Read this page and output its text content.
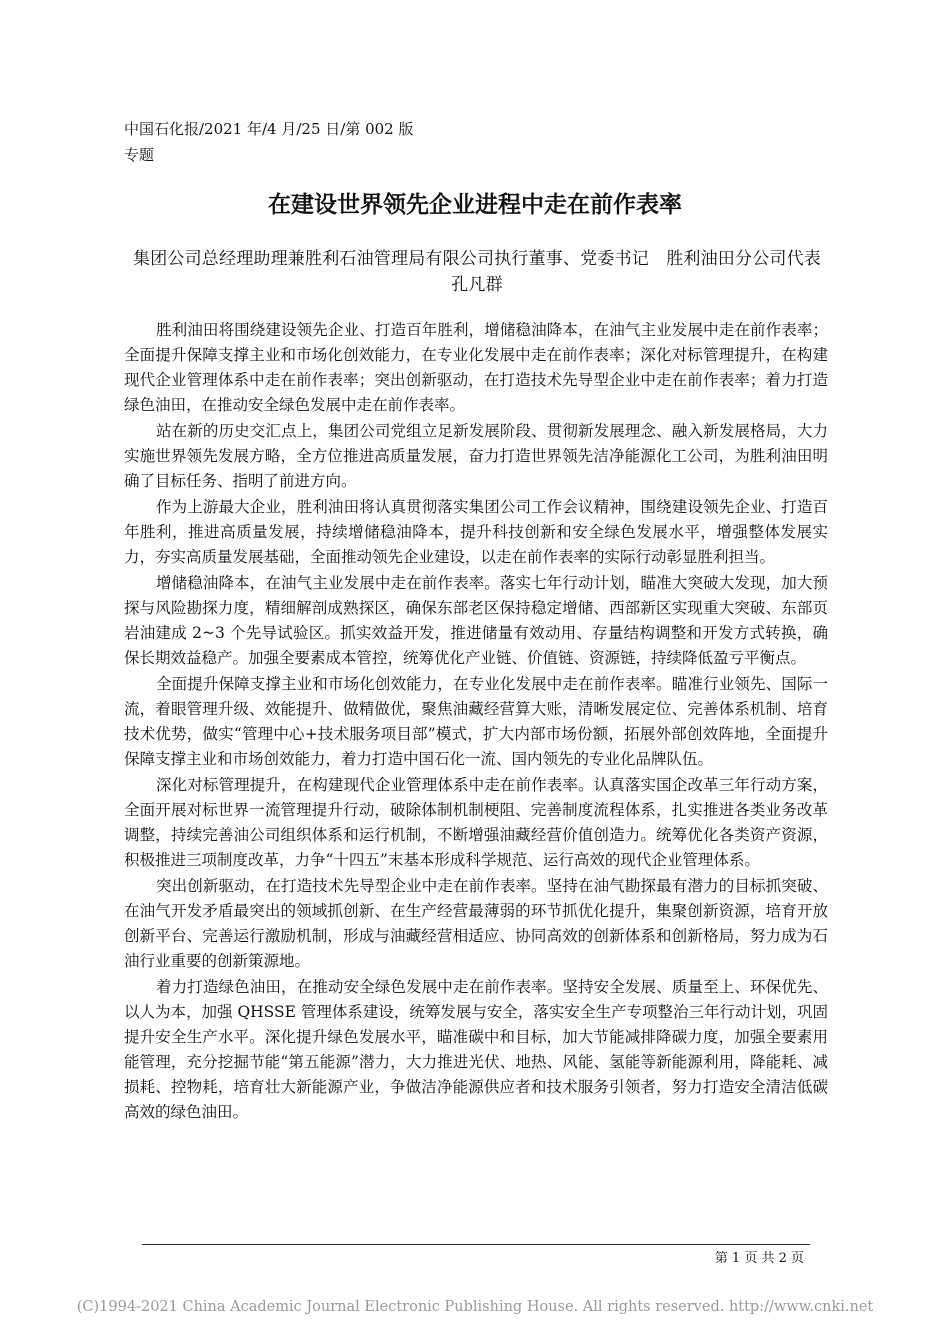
中国石化报/2021 年/4 月/25 日/第 002 版
专题
在建设世界领先企业进程中走在前作表率
集团公司总经理助理兼胜利石油管理局有限公司执行董事、党委书记　胜利油田分公司代表　孔凡群

胜利油田将围绕建设领先企业、打造百年胜利，增储稳油降本，在油气主业发展中走在前作表率；全面提升保障支撑主业和市场化创效能力，在专业化发展中走在前作表率；深化对标管理提升，在构建现代企业管理体系中走在前作表率；突出创新驱动，在打造技术先导型企业中走在前作表率；着力打造绿色油田，在推动安全绿色发展中走在前作表率。

站在新的历史交汇点上，集团公司党组立足新发展阶段、贯彻新发展理念、融入新发展格局，大力实施世界领先发展方略，全方位推进高质量发展，奋力打造世界领先洁净能源化工公司，为胜利油田明确了目标任务、指明了前进方向。

作为上游最大企业，胜利油田将认真贯彻落实集团公司工作会议精神，围绕建设领先企业、打造百年胜利，推进高质量发展，持续增储稳油降本，提升科技创新和安全绿色发展水平，增强整体发展实力，夯实高质量发展基础，全面推动领先企业建设，以走在前作表率的实际行动彰显胜利担当。

增储稳油降本，在油气主业发展中走在前作表率。落实七年行动计划，瞄准大突破大发现，加大预探与风险勘探力度，精细解剖成熟探区，确保东部老区保持稳定增储、西部新区实现重大突破、东部页岩油建成 2~3 个先导试验区。抓实效益开发，推进储量有效动用、存量结构调整和开发方式转换，确保长期效益稳产。加强全要素成本管控，统筹优化产业链、价值链、资源链，持续降低盈亏平衡点。

全面提升保障支撑主业和市场化创效能力，在专业化发展中走在前作表率。瞄准行业领先、国际一流，着眼管理升级、效能提升、做精做优，聚焦油藏经营算大账，清晰发展定位、完善体系机制、培育技术优势，做实“管理中心+技术服务项目部”模式，扩大内部市场份额，拓展外部创效阵地，全面提升保障支撑主业和市场创效能力，着力打造中国石化一流、国内领先的专业化品牌队伍。

深化对标管理提升，在构建现代企业管理体系中走在前作表率。认真落实国企改革三年行动方案，全面开展对标世界一流管理提升行动，破除体制机制梗阻、完善制度流程体系，扎实推进各类业务改革调整，持续完善油公司组织体系和运行机制，不断增强油藏经营价值创造力。统筹优化各类资产资源，积极推进三项制度改革，力争“十四五”末基本形成科学规范、运行高效的现代企业管理体系。

突出创新驱动，在打造技术先导型企业中走在前作表率。坚持在油气勘探最有潜力的目标抓突破、在油气开发矛盾最突出的领域抓创新、在生产经营最薄弱的环节抓优化提升，集聚创新资源，培育开放创新平台、完善运行激励机制，形成与油藏经营相适应、协同高效的创新体系和创新格局，努力成为石油行业重要的创新策源地。

着力打造绿色油田，在推动安全绿色发展中走在前作表率。坚持安全发展、质量至上、环保优先、以人为本，加强 QHSSE 管理体系建设，统筹发展与安全，落实安全生产专项整治三年行动计划，巩固提升安全生产水平。深化提升绿色发展水平，瞄准碳中和目标，加大节能减排降碳力度，加强全要素用能管理，充分挖掘节能“第五能源”潜力，大力推进光伏、地热、风能、氢能等新能源利用，降能耗、减损耗、控物耗，培育壮大新能源产业，争做洁净能源供应者和技术服务引领者，努力打造安全清洁低碳高效的绿色油田。

第 1 页 共 2 页
(C)1994-2021 China Academic Journal Electronic Publishing House. All rights reserved. http://www.cnki.net
